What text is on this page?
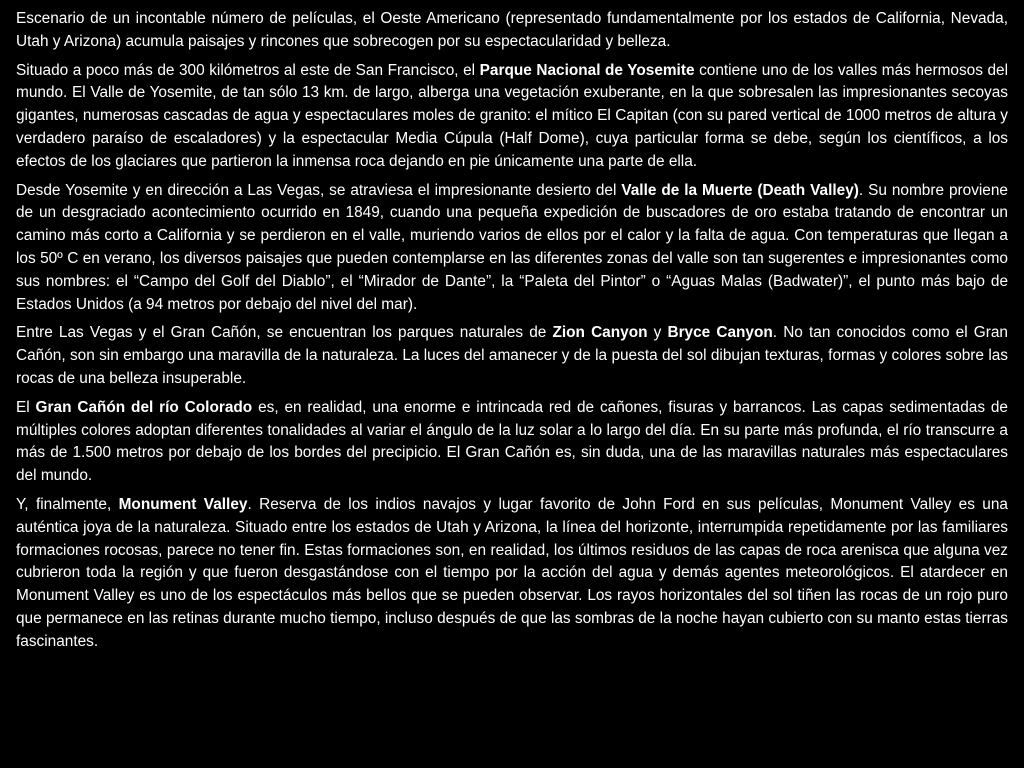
Escenario de un incontable número de películas, el Oeste Americano (representado fundamentalmente por los estados de California, Nevada, Utah y Arizona) acumula paisajes y rincones que sobrecogen por su espectacularidad y belleza.

Situado a poco más de 300 kilómetros al este de San Francisco, el Parque Nacional de Yosemite contiene uno de los valles más hermosos del mundo. El Valle de Yosemite, de tan sólo 13 km. de largo, alberga una vegetación exuberante, en la que sobresalen las impresionantes secoyas gigantes, numerosas cascadas de agua y espectaculares moles de granito: el mítico El Capitan (con su pared vertical de 1000 metros de altura y verdadero paraíso de escaladores) y la espectacular Media Cúpula (Half Dome), cuya particular forma se debe, según los científicos, a los efectos de los glaciares que partieron la inmensa roca dejando en pie únicamente una parte de ella.

Desde Yosemite y en dirección a Las Vegas, se atraviesa el impresionante desierto del Valle de la Muerte (Death Valley). Su nombre proviene de un desgraciado acontecimiento ocurrido en 1849, cuando una pequeña expedición de buscadores de oro estaba tratando de encontrar un camino más corto a California y se perdieron en el valle, muriendo varios de ellos por el calor y la falta de agua. Con temperaturas que llegan a los 50º C en verano, los diversos paisajes que pueden contemplarse en las diferentes zonas del valle son tan sugerentes e impresionantes como sus nombres: el “Campo del Golf del Diablo”, el “Mirador de Dante”, la “Paleta del Pintor” o “Aguas Malas (Badwater)”, el punto más bajo de Estados Unidos (a 94 metros por debajo del nivel del mar).

Entre Las Vegas y el Gran Cañón, se encuentran los parques naturales de Zion Canyon y Bryce Canyon. No tan conocidos como el Gran Cañón, son sin embargo una maravilla de la naturaleza. La luces del amanecer y de la puesta del sol dibujan texturas, formas y colores sobre las rocas de una belleza insuperable.

El Gran Cañón del río Colorado es, en realidad, una enorme e intrincada red de cañones, fisuras y barrancos. Las capas sedimentadas de múltiples colores adoptan diferentes tonalidades al variar el ángulo de la luz solar a lo largo del día. En su parte más profunda, el río transcurre a más de 1.500 metros por debajo de los bordes del precipicio. El Gran Cañón es, sin duda, una de las maravillas naturales más espectaculares del mundo.

Y, finalmente, Monument Valley. Reserva de los indios navajos y lugar favorito de John Ford en sus películas, Monument Valley es una auténtica joya de la naturaleza. Situado entre los estados de Utah y Arizona, la línea del horizonte, interrumpida repetidamente por las familiares formaciones rocosas, parece no tener fin. Estas formaciones son, en realidad, los últimos residuos de las capas de roca arenisca que alguna vez cubrieron toda la región y que fueron desgastándose con el tiempo por la acción del agua y demás agentes meteorológicos. El atardecer en Monument Valley es uno de los espectáculos más bellos que se pueden observar. Los rayos horizontales del sol tiñen las rocas de un rojo puro que permanece en las retinas durante mucho tiempo, incluso después de que las sombras de la noche hayan cubierto con su manto estas tierras fascinantes.
